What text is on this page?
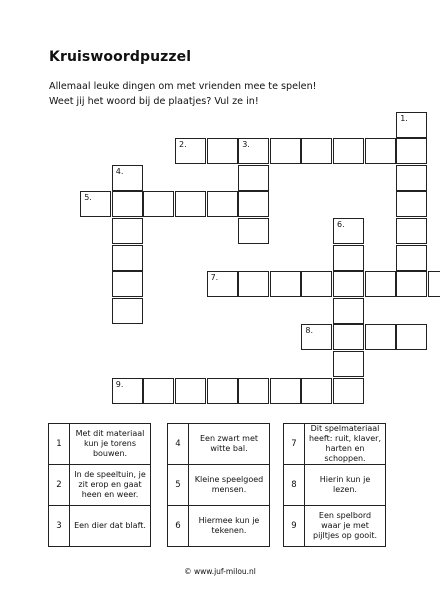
Kruiswoordpuzzel
Allemaal leuke dingen om met vrienden mee te spelen!
Weet jij het woord bij de plaatjes? Vul ze in!
2.	3.
5.
7.
8.
9.
1.
4.
6.
1	Met dit materiaal kun je torens bouwen.
2	In de speeltuin, je zit erop en gaat heen en weer.
3	Een dier dat blaft.
4	Een zwart met witte bal.
5	Kleine speelgoed mensen.
6	Hiermee kun je tekenen.
7	Dit spelmateriaal heeft: ruit, klaver, harten en schoppen.
8	Hierin kun je lezen.
9	Een spelbord waar je met pijltjes op gooit.
© www.juf-milou.nl
